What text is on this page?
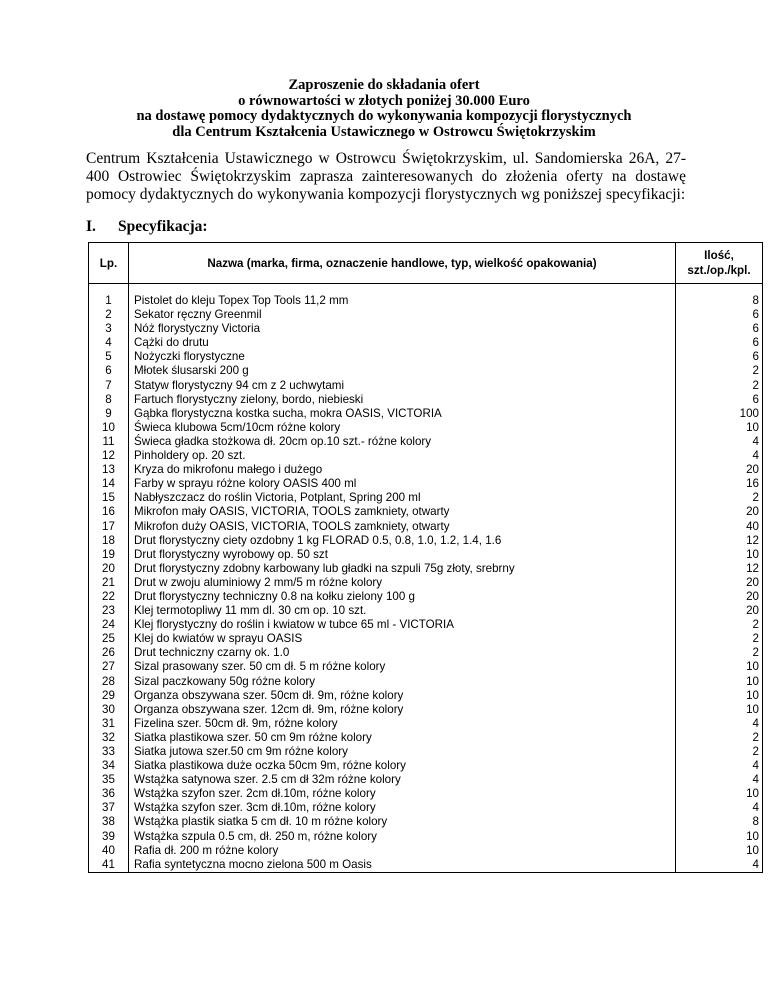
Zaproszenie do składania ofert
o równowartości w złotych poniżej 30.000 Euro
na dostawę pomocy dydaktycznych do wykonywania kompozycji florystycznych
dla Centrum Kształcenia Ustawicznego w Ostrowcu Świętokrzyskim
Centrum Kształcenia Ustawicznego w Ostrowcu Świętokrzyskim, ul. Sandomierska 26A, 27-400 Ostrowiec Świętokrzyskim zaprasza zainteresowanych do złożenia oferty na dostawę pomocy dydaktycznych do wykonywania kompozycji florystycznych wg poniższej specyfikacji:
I. Specyfikacja:
Lp.	Nazwa (marka, firma, oznaczenie handlowe, typ, wielkość opakowania)	Ilość,
szt./op./kpl.

1	Pistolet do kleju Topex Top Tools 11,2 mm	8
2	Sekator ręczny Greenmil	6
3	Nóż florystyczny Victoria	6
4	Cążki do drutu	6
5	Nożyczki florystyczne	6
6	Młotek ślusarski 200 g	2
7	Statyw florystyczny 94 cm z 2 uchwytami	2
8	Fartuch florystyczny zielony, bordo, niebieski	6
9	Gąbka florystyczna kostka sucha, mokra OASIS, VICTORIA	100
10	Świeca klubowa 5cm/10cm różne kolory	10
11	Świeca gładka stożkowa dł. 20cm op.10 szt.- różne kolory	4
12	Pinholdery op. 20 szt.	4
13	Kryza do mikrofonu małego i dużego	20
14	Farby w sprayu różne kolory OASIS 400 ml	16
15	Nabłyszczacz do roślin Victoria, Potplant, Spring 200 ml	2
16	Mikrofon mały OASIS, VICTORIA, TOOLS zamkniety, otwarty	20
17	Mikrofon duży OASIS, VICTORIA, TOOLS zamkniety, otwarty	40
18	Drut florystyczny ciety ozdobny 1 kg FLORAD 0.5, 0.8, 1.0, 1.2, 1.4, 1.6	12
19	Drut florystyczny wyrobowy op. 50 szt	10
20	Drut florystyczny zdobny karbowany lub gładki na szpuli 75g złoty, srebrny	12
21	Drut w zwoju aluminiowy 2 mm/5 m różne kolory	20
22	Drut florystyczny techniczny 0.8 na kołku zielony 100 g	20
23	Klej termotopliwy 11 mm dl. 30 cm op. 10 szt.	20
24	Klej florystyczny do roślin i kwiatow w tubce 65 ml - VICTORIA	2
25	Klej do kwiatów w sprayu OASIS	2
26	Drut techniczny czarny ok. 1.0	2
27	Sizal prasowany szer. 50 cm dł. 5 m różne kolory	10
28	Sizal paczkowany 50g różne kolory	10
29	Organza obszywana szer. 50cm dł. 9m, różne kolory	10
30	Organza obszywana szer. 12cm dł. 9m, różne kolory	10
31	Fizelina szer. 50cm dł. 9m, różne kolory	4
32	Siatka plastikowa szer. 50 cm 9m różne kolory	2
33	Siatka jutowa szer.50 cm 9m różne kolory	2
34	Siatka plastikowa duże oczka 50cm 9m, różne kolory	4
35	Wstążka satynowa szer. 2.5 cm dł 32m różne kolory	4
36	Wstążka szyfon szer. 2cm dł.10m, różne kolory	10
37	Wstążka szyfon szer. 3cm dł.10m, różne kolory	4
38	Wstążka plastik siatka 5 cm dł. 10 m różne kolory	8
39	Wstążka szpula 0.5 cm, dł. 250 m, różne kolory	10
40	Rafia dł. 200 m różne kolory	10
41	Rafia syntetyczna mocno zielona 500 m Oasis	4
